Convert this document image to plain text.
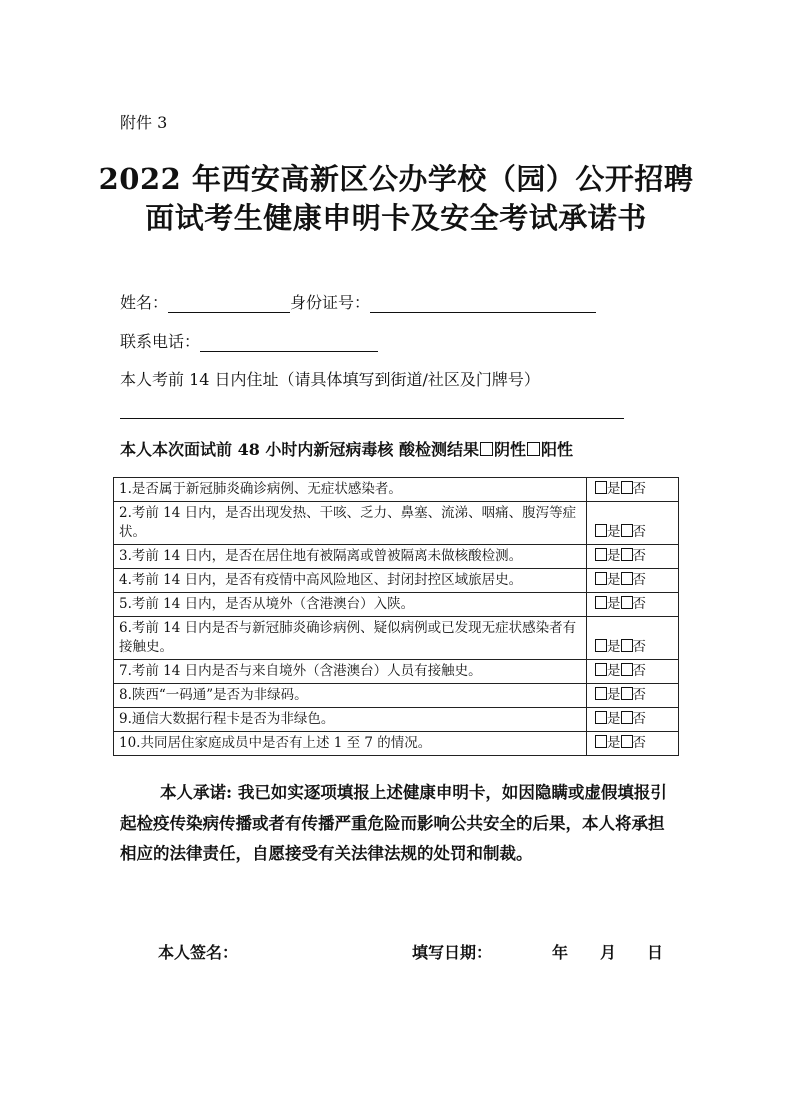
附件 3
2022 年西安高新区公办学校（园）公开招聘
面试考生健康申明卡及安全考试承诺书
姓名：	身份证号：
联系电话：
本人考前 14 日内住址（请具体填写到街道/社区及门牌号）
本人本次面试前 48 小时内新冠病毒核 酸检测结果 阴性 阳性
1.是否属于新冠肺炎确诊病例、无症状感染者。	是 否
2.考前 14 日内，是否出现发热、干咳、乏力、鼻塞、流涕、咽痛、腹泻等症状。	是 否
3.考前 14 日内，是否在居住地有被隔离或曾被隔离未做核酸检测。	是 否
4.考前 14 日内，是否有疫情中高风险地区、封闭封控区域旅居史。	是 否
5.考前 14 日内，是否从境外（含港澳台）入陕。	是 否
6.考前 14 日内是否与新冠肺炎确诊病例、疑似病例或已发现无症状感染者有接触史。	是 否
7.考前 14 日内是否与来自境外（含港澳台）人员有接触史。	是 否
8.陕西“一码通”是否为非绿码。	是 否
9.通信大数据行程卡是否为非绿色。	是 否
10.共同居住家庭成员中是否有上述 1 至 7 的情况。	是 否
本人承诺: 我已如实逐项填报上述健康申明卡，如因隐瞒或虚假填报引起检疫传染病传播或者有传播严重危险而影响公共安全的后果，本人将承担相应的法律责任，自愿接受有关法律法规的处罚和制裁。
本人签名：	填写日期：	年 月 日
